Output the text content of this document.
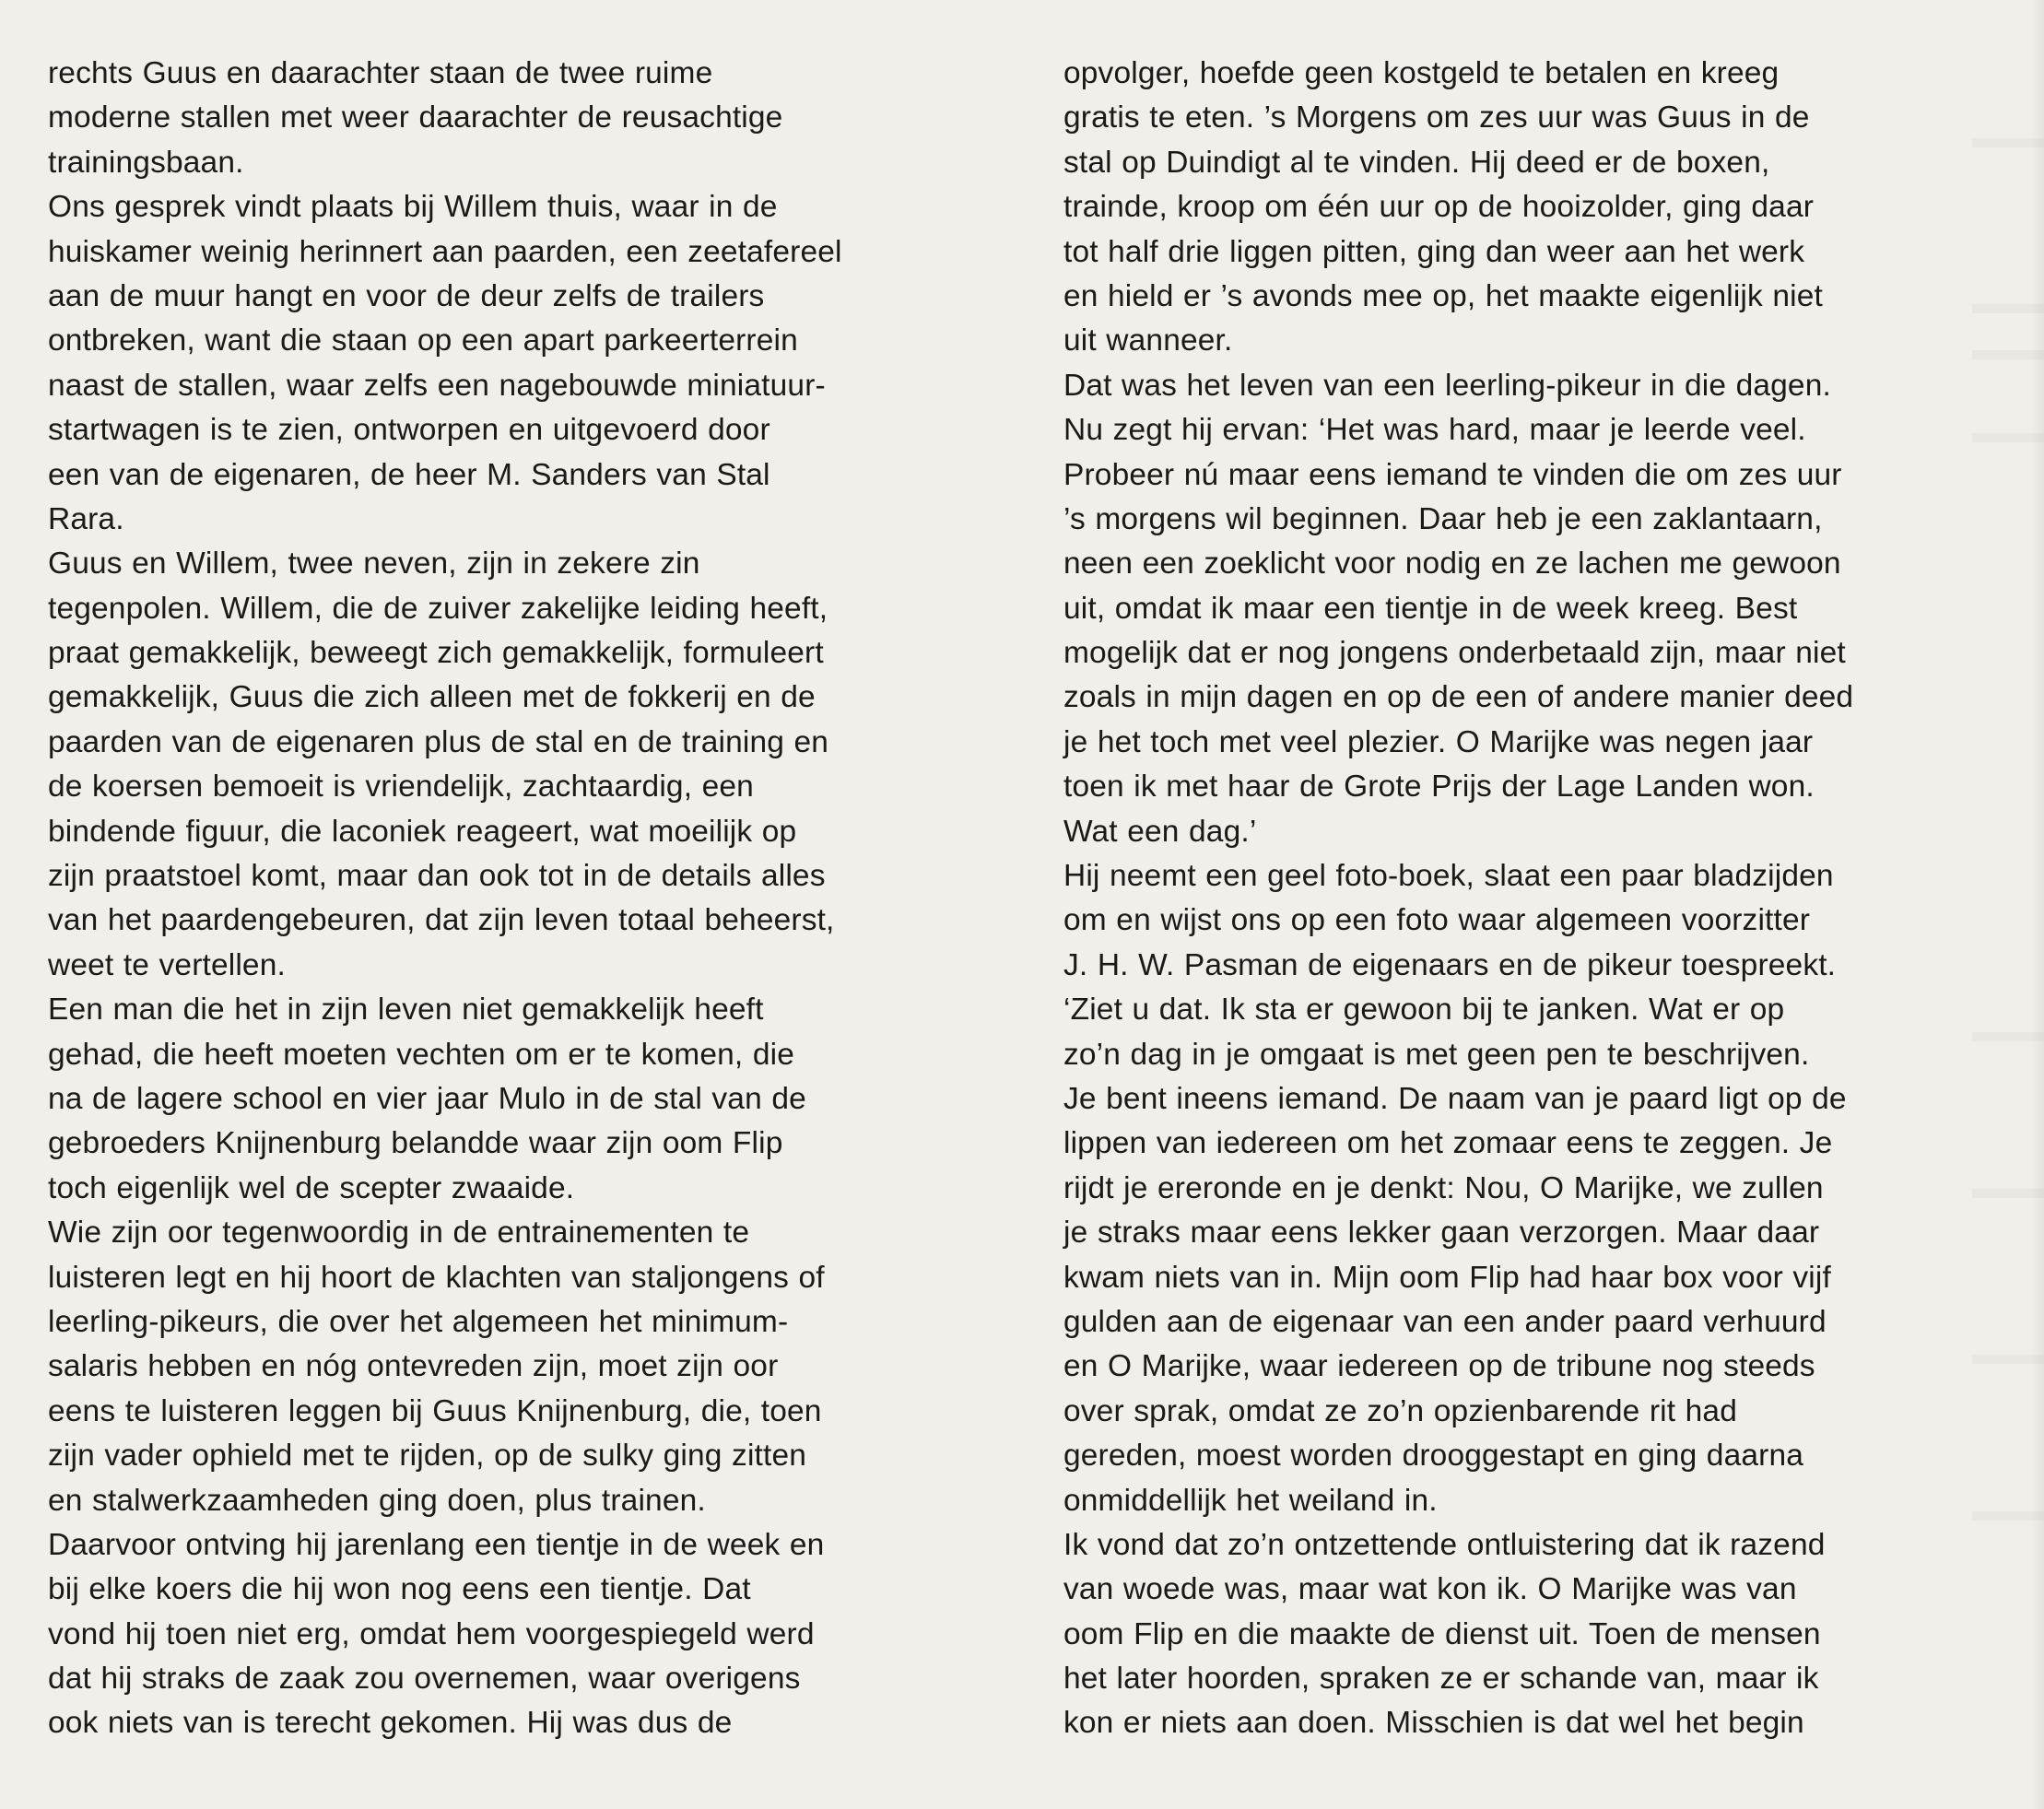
rechts Guus en daarachter staan de twee ruime
moderne stallen met weer daarachter de reusachtige
trainingsbaan.
Ons gesprek vindt plaats bij Willem thuis, waar in de
huiskamer weinig herinnert aan paarden, een zeetafereel
aan de muur hangt en voor de deur zelfs de trailers
ontbreken, want die staan op een apart parkeerterrein
naast de stallen, waar zelfs een nagebouwde miniatuur-
startwagen is te zien, ontworpen en uitgevoerd door
een van de eigenaren, de heer M. Sanders van Stal
Rara.
Guus en Willem, twee neven, zijn in zekere zin
tegenpolen. Willem, die de zuiver zakelijke leiding heeft,
praat gemakkelijk, beweegt zich gemakkelijk, formuleert
gemakkelijk, Guus die zich alleen met de fokkerij en de
paarden van de eigenaren plus de stal en de training en
de koersen bemoeit is vriendelijk, zachtaardig, een
bindende figuur, die laconiek reageert, wat moeilijk op
zijn praatstoel komt, maar dan ook tot in de details alles
van het paardengebeuren, dat zijn leven totaal beheerst,
weet te vertellen.
Een man die het in zijn leven niet gemakkelijk heeft
gehad, die heeft moeten vechten om er te komen, die
na de lagere school en vier jaar Mulo in de stal van de
gebroeders Knijnenburg belandde waar zijn oom Flip
toch eigenlijk wel de scepter zwaaide.
Wie zijn oor tegenwoordig in de entrainementen te
luisteren legt en hij hoort de klachten van staljongens of
leerling-pikeurs, die over het algemeen het minimum-
salaris hebben en nóg ontevreden zijn, moet zijn oor
eens te luisteren leggen bij Guus Knijnenburg, die, toen
zijn vader ophield met te rijden, op de sulky ging zitten
en stalwerkzaamheden ging doen, plus trainen.
Daarvoor ontving hij jarenlang een tientje in de week en
bij elke koers die hij won nog eens een tientje. Dat
vond hij toen niet erg, omdat hem voorgespiegeld werd
dat hij straks de zaak zou overnemen, waar overigens
ook niets van is terecht gekomen. Hij was dus de
opvolger, hoefde geen kostgeld te betalen en kreeg
gratis te eten. ’s Morgens om zes uur was Guus in de
stal op Duindigt al te vinden. Hij deed er de boxen,
trainde, kroop om één uur op de hooizolder, ging daar
tot half drie liggen pitten, ging dan weer aan het werk
en hield er ’s avonds mee op, het maakte eigenlijk niet
uit wanneer.
Dat was het leven van een leerling-pikeur in die dagen.
Nu zegt hij ervan: ‘Het was hard, maar je leerde veel.
Probeer nú maar eens iemand te vinden die om zes uur
’s morgens wil beginnen. Daar heb je een zaklantaarn,
neen een zoeklicht voor nodig en ze lachen me gewoon
uit, omdat ik maar een tientje in de week kreeg. Best
mogelijk dat er nog jongens onderbetaald zijn, maar niet
zoals in mijn dagen en op de een of andere manier deed
je het toch met veel plezier. O Marijke was negen jaar
toen ik met haar de Grote Prijs der Lage Landen won.
Wat een dag.’
Hij neemt een geel foto-boek, slaat een paar bladzijden
om en wijst ons op een foto waar algemeen voorzitter
J. H. W. Pasman de eigenaars en de pikeur toespreekt.
‘Ziet u dat. Ik sta er gewoon bij te janken. Wat er op
zo’n dag in je omgaat is met geen pen te beschrijven.
Je bent ineens iemand. De naam van je paard ligt op de
lippen van iedereen om het zomaar eens te zeggen. Je
rijdt je ereronde en je denkt: Nou, O Marijke, we zullen
je straks maar eens lekker gaan verzorgen. Maar daar
kwam niets van in. Mijn oom Flip had haar box voor vijf
gulden aan de eigenaar van een ander paard verhuurd
en O Marijke, waar iedereen op de tribune nog steeds
over sprak, omdat ze zo’n opzienbarende rit had
gereden, moest worden drooggestapt en ging daarna
onmiddellijk het weiland in.
Ik vond dat zo’n ontzettende ontluistering dat ik razend
van woede was, maar wat kon ik. O Marijke was van
oom Flip en die maakte de dienst uit. Toen de mensen
het later hoorden, spraken ze er schande van, maar ik
kon er niets aan doen. Misschien is dat wel het begin
